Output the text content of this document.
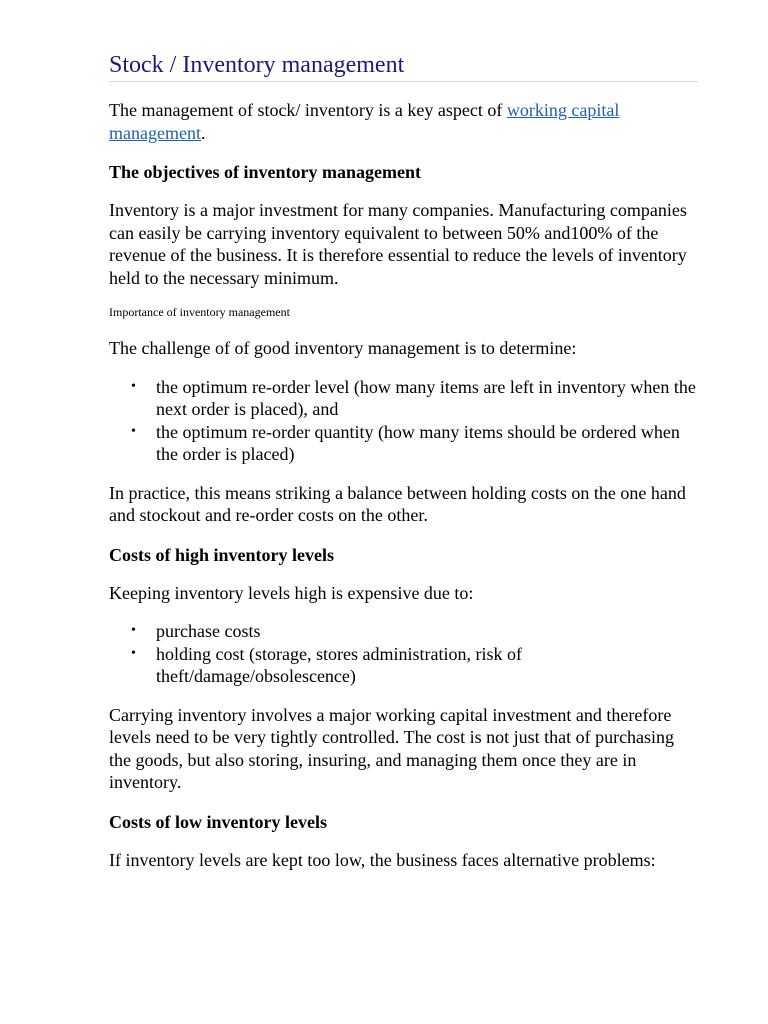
Stock / Inventory management

The management of stock/ inventory is a key aspect of working capital management.

The objectives of inventory management

Inventory is a major investment for many companies. Manufacturing companies can easily be carrying inventory equivalent to between 50% and100% of the revenue of the business. It is therefore essential to reduce the levels of inventory held to the necessary minimum.

Importance of inventory management

The challenge of of good inventory management is to determine:

• the optimum re-order level (how many items are left in inventory when the next order is placed), and
• the optimum re-order quantity (how many items should be ordered when the order is placed)

In practice, this means striking a balance between holding costs on the one hand and stockout and re-order costs on the other.

Costs of high inventory levels

Keeping inventory levels high is expensive due to:

• purchase costs
• holding cost (storage, stores administration, risk of theft/damage/obsolescence)

Carrying inventory involves a major working capital investment and therefore levels need to be very tightly controlled. The cost is not just that of purchasing the goods, but also storing, insuring, and managing them once they are in inventory.

Costs of low inventory levels

If inventory levels are kept too low, the business faces alternative problems:
